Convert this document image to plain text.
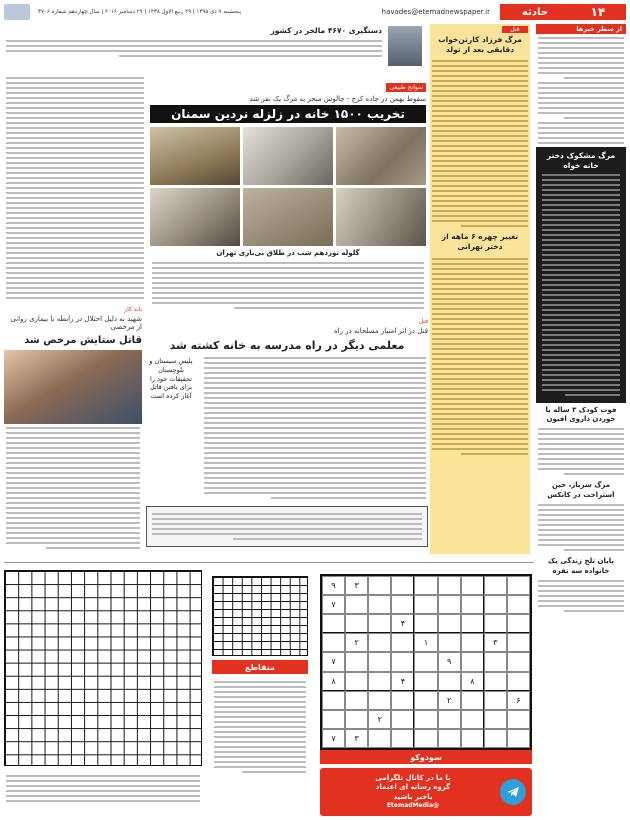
۱۴
حادثه
havades@etemadnewspaper.ir
پنجشنبه ۹ دی ۱۳۹۵ | ۲۹ ربیع الاول ۱۴۳۸ | ۲۹ دسامبر ۲۰۱۶ | سال چهاردهم شماره ۳۷۰۶
از سطر خبرها
مرگ مشکوک دختر خانه خواه
فوت کودک ۳ ساله با خوردن داروی افیون
مرگ سرباز، حین استراحت در کانکس
پایان تلخ زندگی یک خانواده سه نفره
قتل
مرگ فرزاد کارتن‌خواب دقایقی بعد از تولد
تغییر چهره ۶ ماهه از دختر تهرانی
دستگیری ۴۶۷۰ مالخر در کشور
سوانح طبیعی
سقوط بهمن در جاده کرج - چالوس منجر به مرگ یک نفر شد
تخریب ۱۵۰۰ خانه در زلزله نردین سمنان
گلوله نوزدهم شب در طلاق بی‌بازی تهران
باند کار
شهید به دلیل اختلال در رابطه با بیماری روانی از مرخصی
قاتل ستایش مرخص شد
قتل
قتل در اثر امتیار مسلحانه در راه
معلمی دیگر در راه مدرسه به خانه کشته شد
پلیس سیستان و بلوچستان تحقیقات خود را برای یافتن قاتل آغاز کرده است
متقاطع
۳
۹
۷
۴
۳
۱
۲
۹
۷
۸
۴
۸
۶
۲
۲
۳
۷
سودوکو
با ما در کانال تلگرامی
گروه رسانه ای اعتماد
باخبر باشید
@EtemadMedia
